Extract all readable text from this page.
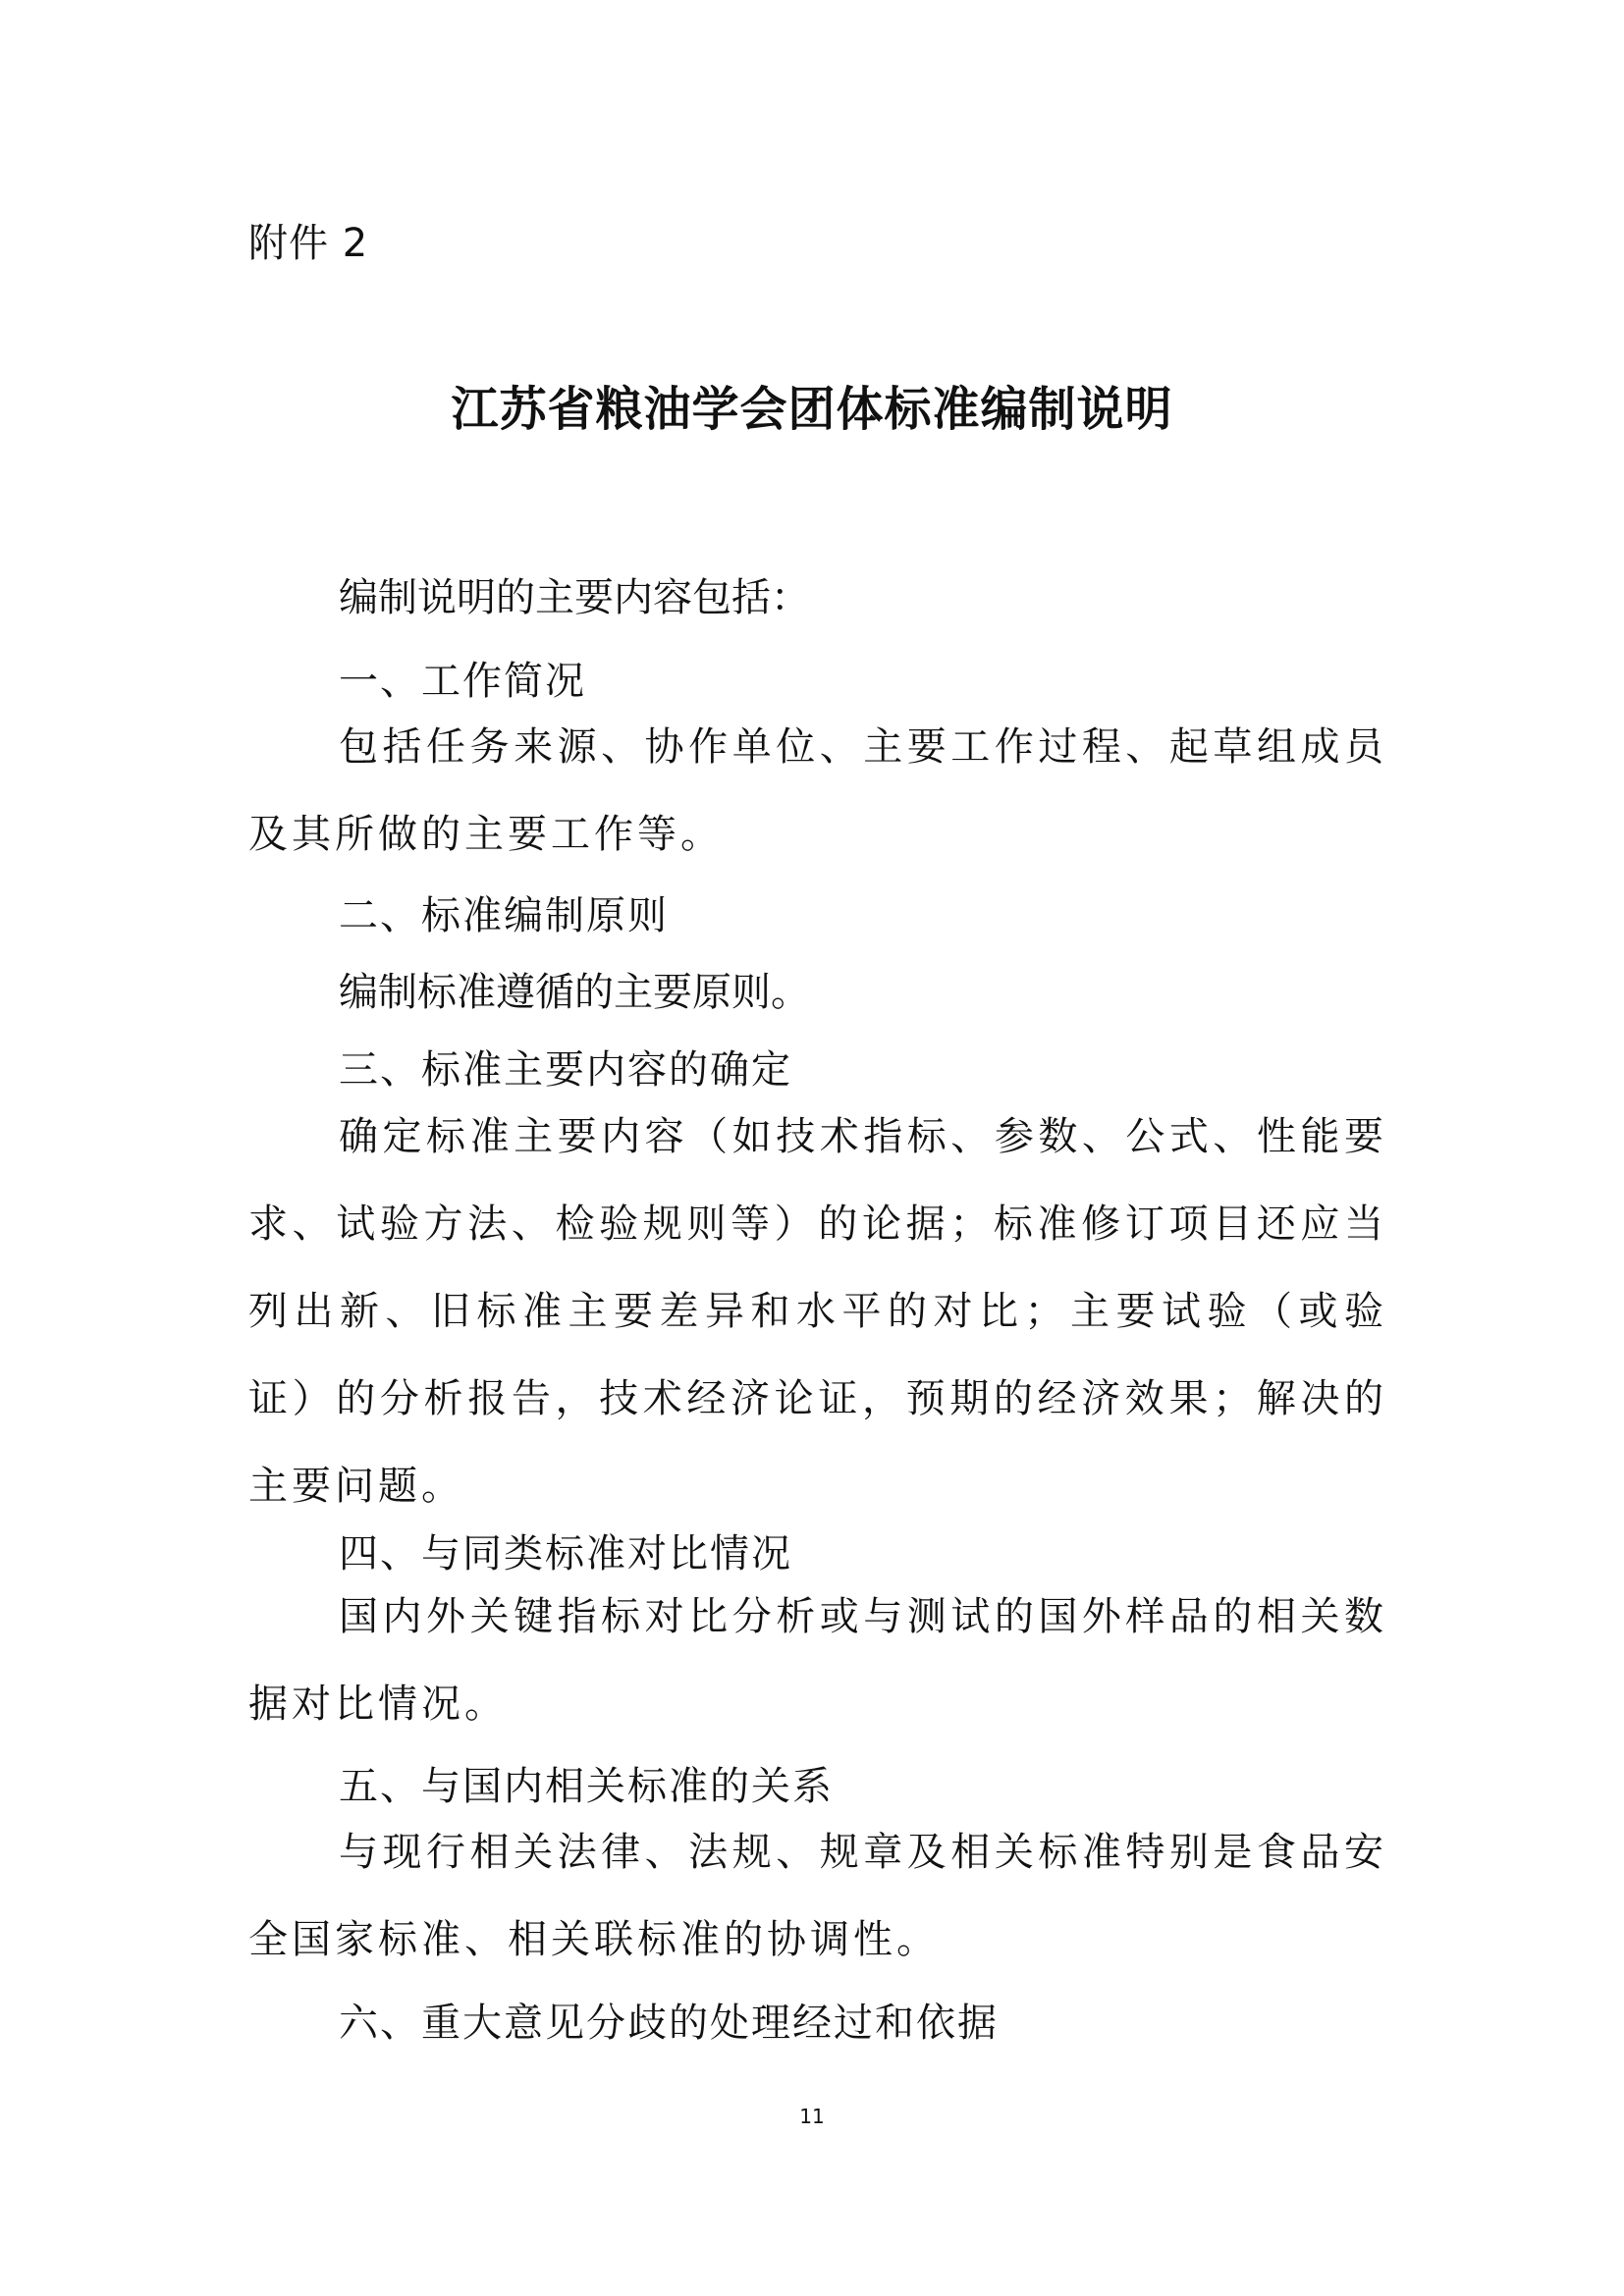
附件 2
江苏省粮油学会团体标准编制说明
编制说明的主要内容包括：
一、工作简况
包括任务来源、协作单位、主要工作过程、起草组成员及其所做的主要工作等。
二、标准编制原则
编制标准遵循的主要原则。
三、标准主要内容的确定
确定标准主要内容（如技术指标、参数、公式、性能要求、试验方法、检验规则等）的论据；标准修订项目还应当列出新、旧标准主要差异和水平的对比；主要试验（或验证）的分析报告，技术经济论证，预期的经济效果；解决的主要问题。
四、与同类标准对比情况
国内外关键指标对比分析或与测试的国外样品的相关数据对比情况。
五、与国内相关标准的关系
与现行相关法律、法规、规章及相关标准特别是食品安全国家标准、相关联标准的协调性。
六、重大意见分歧的处理经过和依据
11
